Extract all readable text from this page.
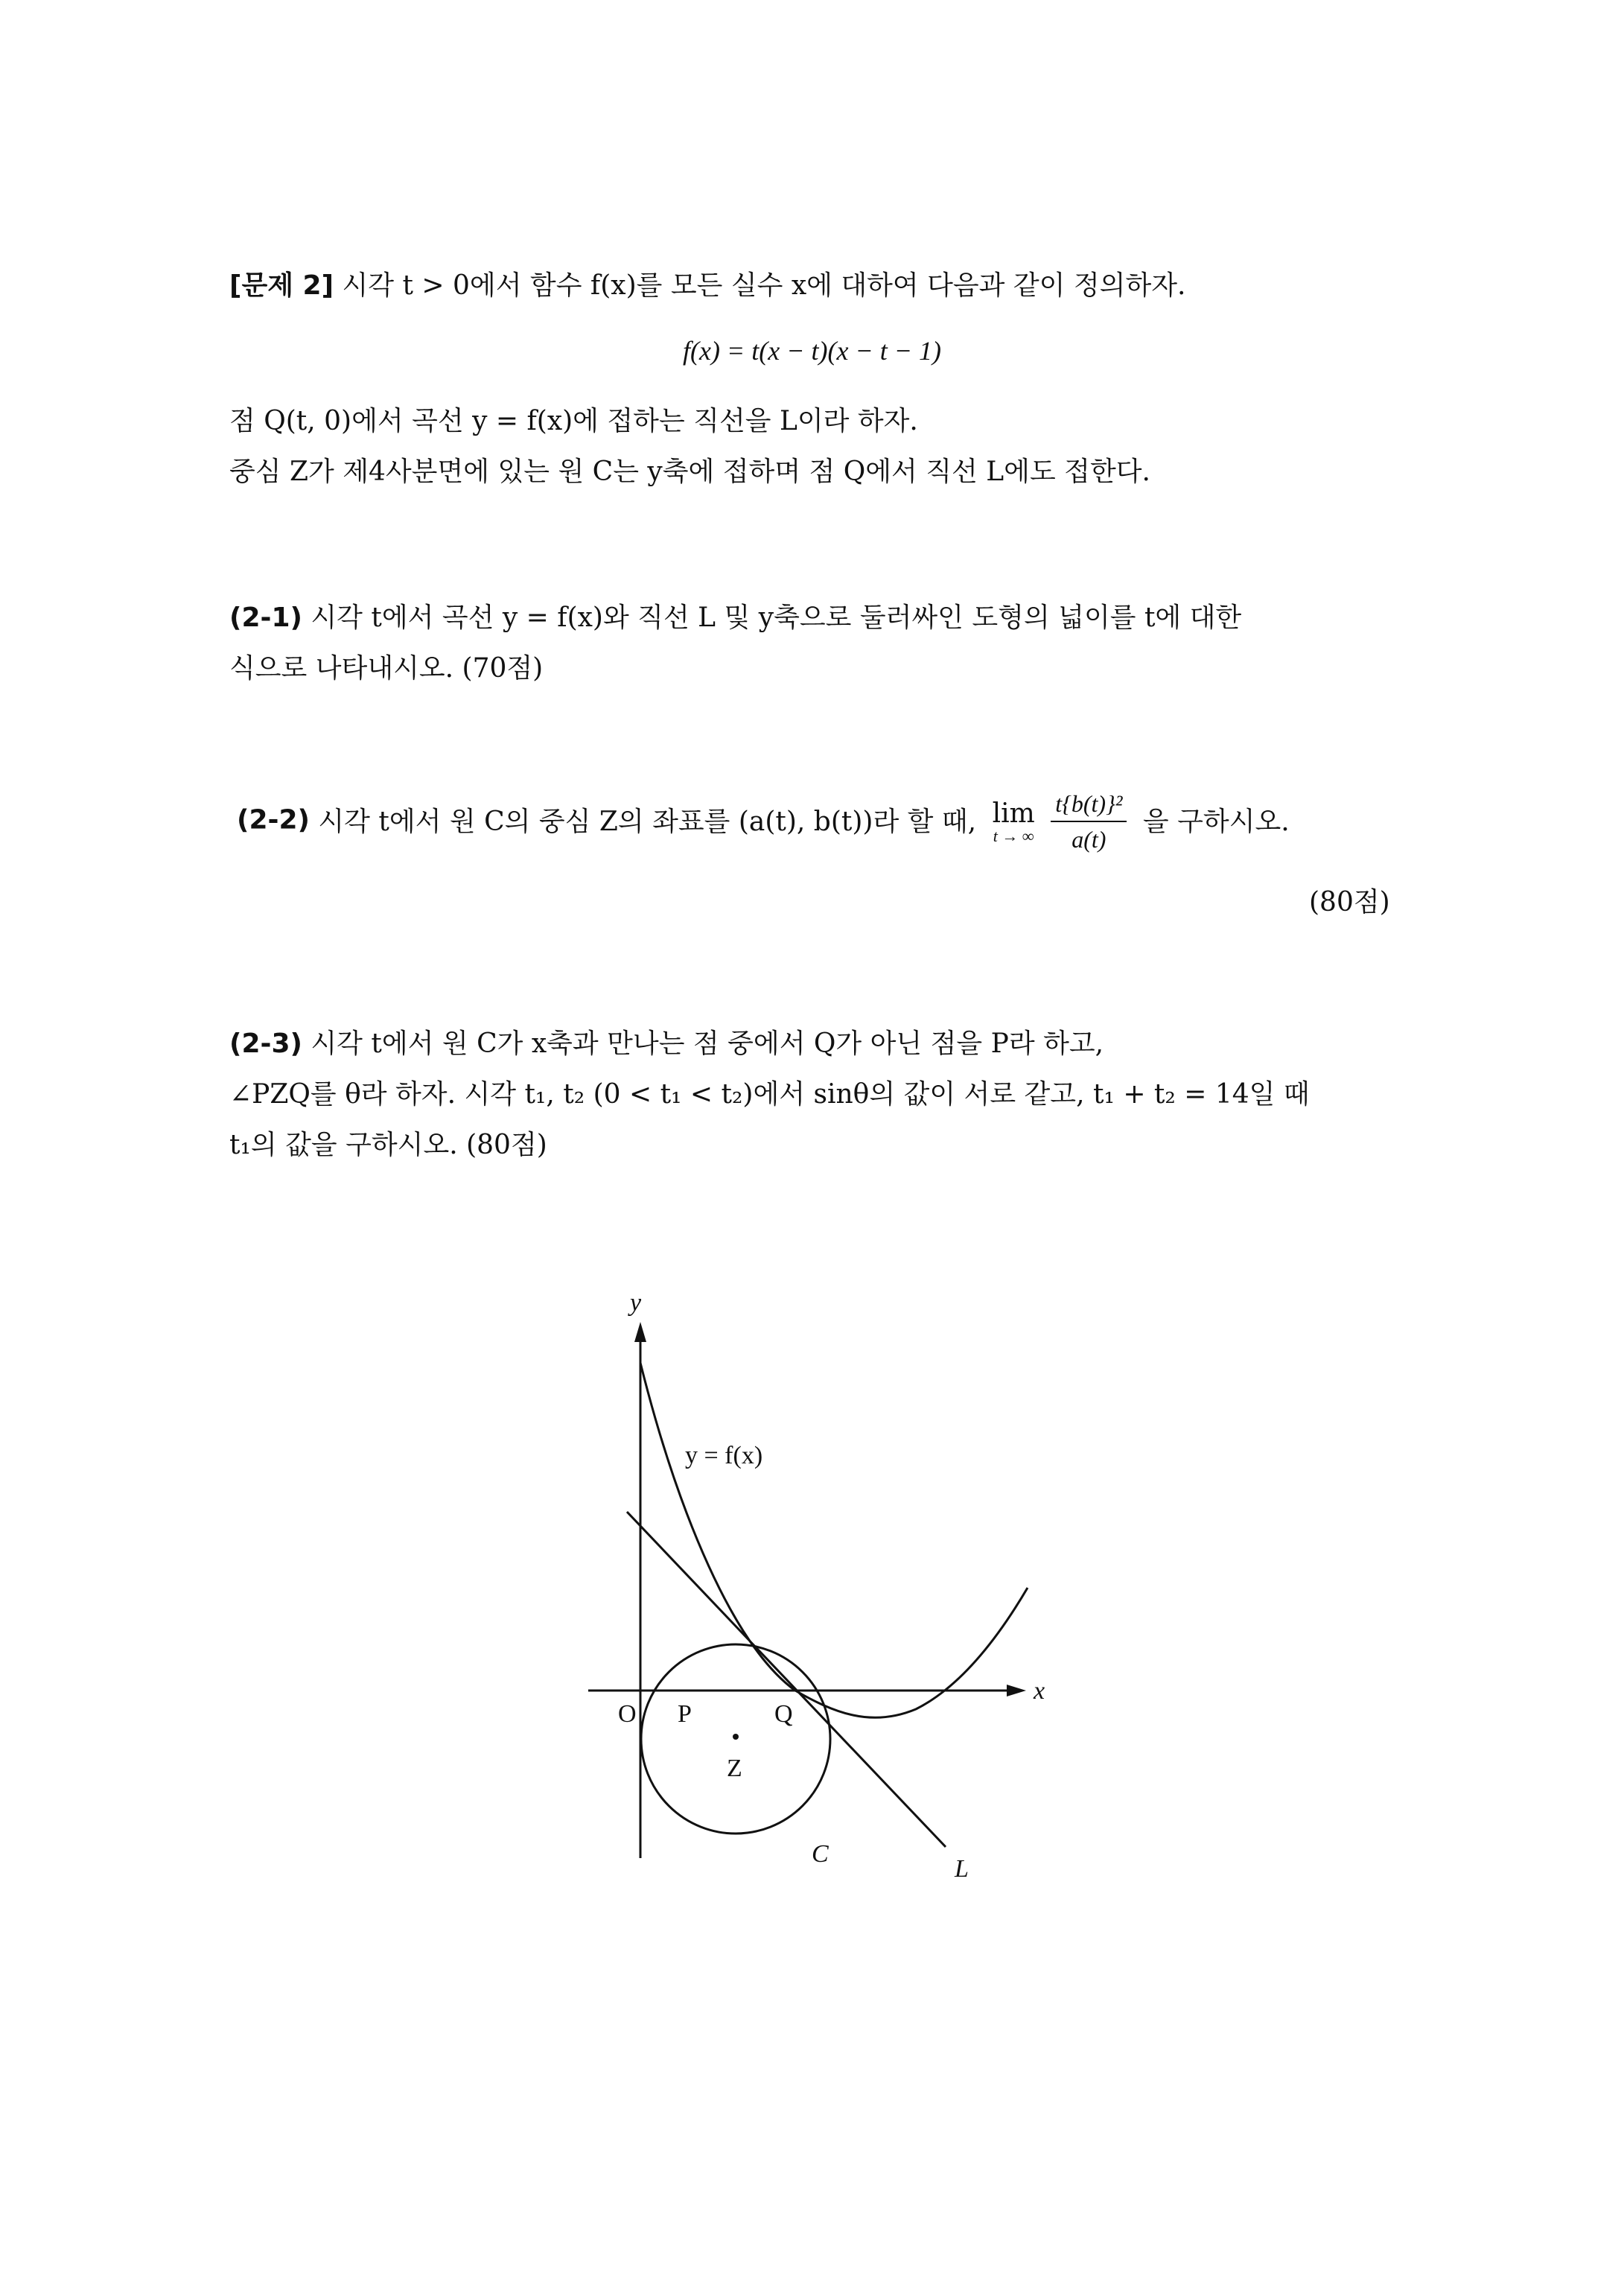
[문제 2] 시각 t > 0에서 함수 f(x)를 모든 실수 x에 대하여 다음과 같이 정의하자.
f(x) = t(x − t)(x − t − 1)
점 Q(t, 0)에서 곡선 y = f(x)에 접하는 직선을 L이라 하자.
중심 Z가 제4사분면에 있는 원 C는 y축에 접하며 점 Q에서 직선 L에도 접한다.
(2-1) 시각 t에서 곡선 y = f(x)와 직선 L 및 y축으로 둘러싸인 도형의 넓이를 t에 대한
식으로 나타내시오. (70점)
(2-2) 시각 t에서 원 C의 중심 Z의 좌표를 (a(t), b(t))라 할 때, lim
t → ∞
$\frac{\text{t\{b(t)\}²}}{a(t)}$ 을 구하시오.
(80점)
(2-3) 시각 t에서 원 C가 x축과 만나는 점 중에서 Q가 아닌 점을 P라 하고,
∠PZQ를 θ라 하자. 시각 t₁, t₂ (0 < t₁ < t₂)에서 sinθ의 값이 서로 같고, t₁ + t₂ = 14일 때
t₁의 값을 구하시오. (80점)
y
x
y = f(x)
L
C
Z
O P	Q
